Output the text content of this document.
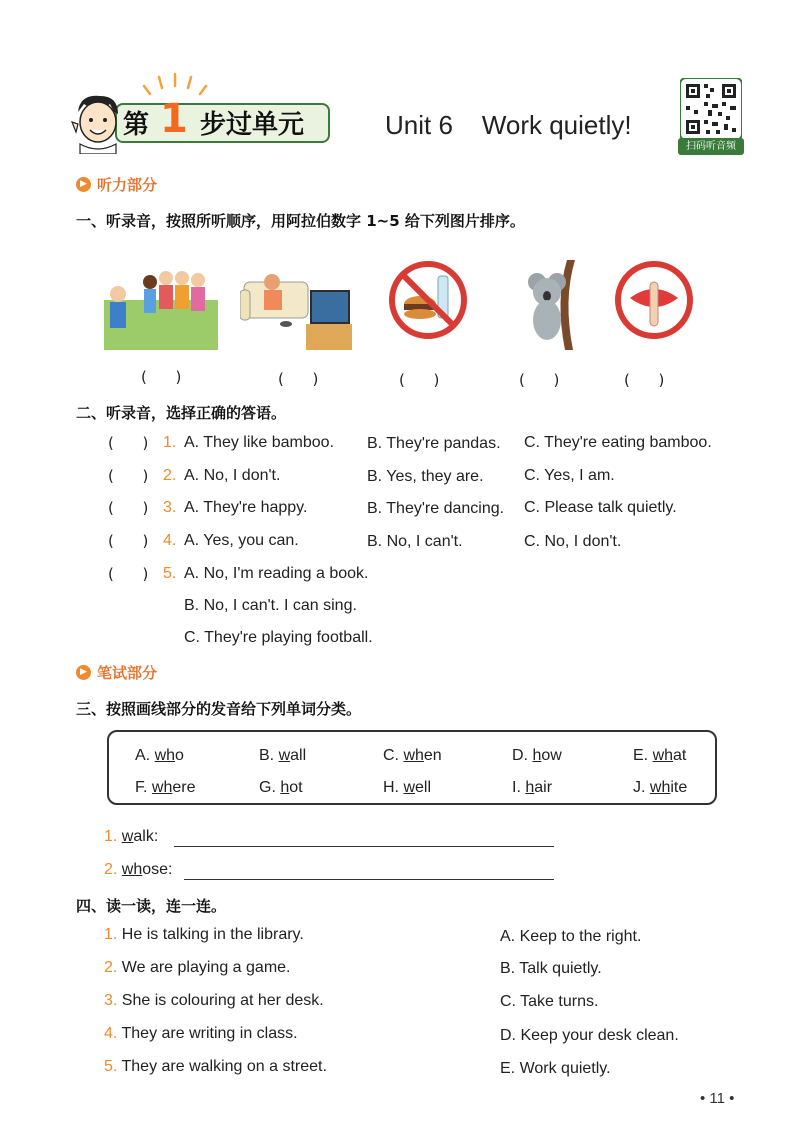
第 1 步过单元	Unit 6    Work quietly!
扫码听音频
▶ 听力部分
一、听录音，按照所听顺序，用阿拉伯数字 1~5 给下列图片排序。
(      )	(      )	(      )	(      )	(      )
二、听录音，选择正确的答语。
(      ) 1. A. They like bamboo. B. They're pandas. C. They're eating bamboo.
(      ) 2. A. No, I don't.	B. Yes, they are.	C. Yes, I am.
(      ) 3. A. They're happy.	B. They're dancing. C. Please talk quietly.
(      ) 4. A. Yes, you can.	B. No, I can't.	C. No, I don't.
(      ) 5. A. No, I'm reading a book.
B. No, I can't. I can sing.
C. They're playing football.
▶ 笔试部分
三、按照画线部分的发音给下列单词分类。
A. who	B. wall	C. when	D. how	E. what
F. where	G. hot	H. well	I. hair	J. white
1. walk:
2. whose:
四、读一读，连一连。
1. He is talking in the library.
2. We are playing a game.
3. She is colouring at her desk.
4. They are writing in class.
5. They are walking on a street.
A. Keep to the right.
B. Talk quietly.
C. Take turns.
D. Keep your desk clean.
E. Work quietly.
• 11 •
